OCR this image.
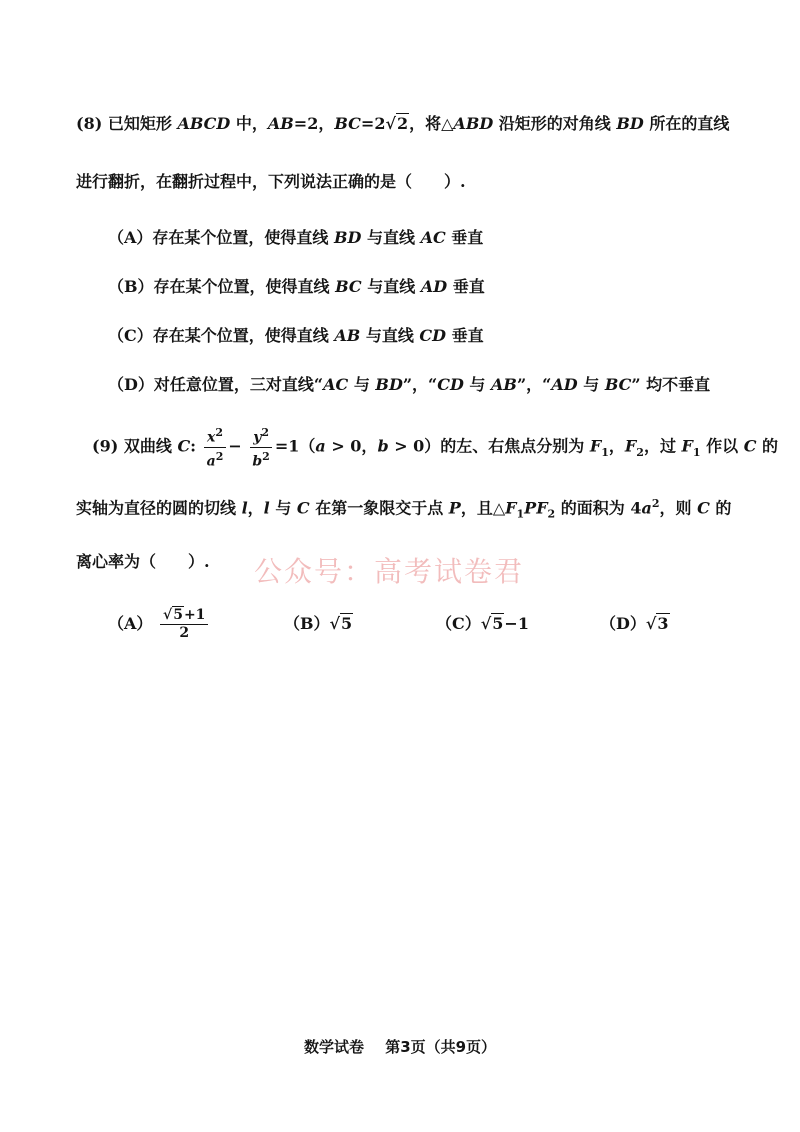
(8) 已知矩形 ABCD 中，AB=2，BC=2√2，将△ABD 沿矩形的对角线 BD 所在的直线
进行翻折，在翻折过程中，下列说法正确的是（　　）.
（A）存在某个位置，使得直线 BD 与直线 AC 垂直
（B）存在某个位置，使得直线 BC 与直线 AD 垂直
（C）存在某个位置，使得直线 AB 与直线 CD 垂直
（D）对任意位置，三对直线“AC 与 BD”，“CD 与 AB”，“AD 与 BC” 均不垂直
(9) 双曲线 C: $\frac{x^2}{a^2} - \frac{y^2}{b^2} =1(a > 0$，b > 0）的左、右焦点分别为 $F_1$，$F_2$，过 $F_1$ 作以 C 的
实轴为直径的圆的切线 l，l 与 C 在第一象限交于点 P，且$\triangle F_1PF_2$ 的面积为 $4a^2$，则 C 的
离心率为（　　）. 公众号：高考试卷君
$(A) \frac{√5+1}{2}$	（B）√5	（C）√5−1	（D）√3
数学试卷 第3页（共9页）
